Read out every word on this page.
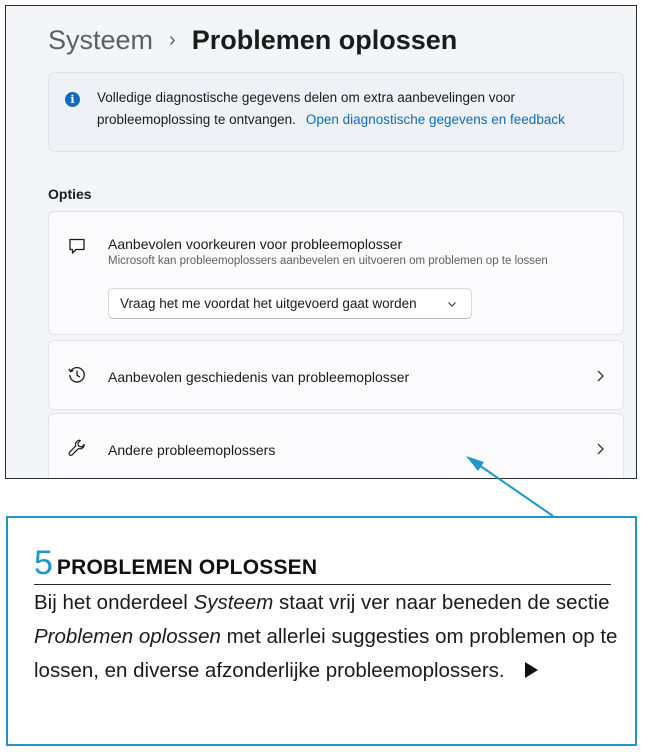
Systeem › Problemen oplossen
i	Volledige diagnostische gegevens delen om extra aanbevelingen voor
probleemoplossing te ontvangen. Open diagnostische gegevens en feedback
Opties
Aanbevolen voorkeuren voor probleemoplosser
Microsoft kan probleemoplossers aanbevelen en uitvoeren om problemen op te lossen
Vraag het me voordat het uitgevoerd gaat worden
Aanbevolen geschiedenis van probleemoplosser
Andere probleemoplossers
5 PROBLEMEN OPLOSSEN
Bij het onderdeel Systeem staat vrij ver naar beneden de sectie Problemen oplossen met allerlei suggesties om problemen op te lossen, en diverse afzonderlijke probleemoplossers.
